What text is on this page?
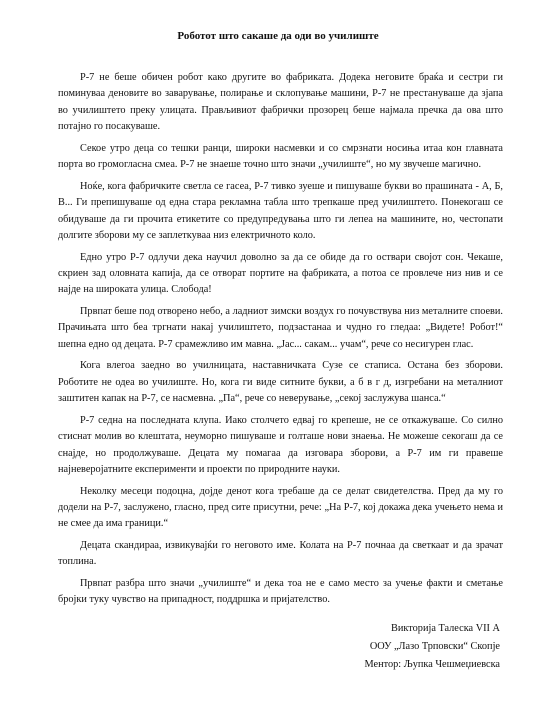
Роботот што сакаше да оди во училиште

Р-7 не беше обичен робот како другите во фабриката. Додека неговите браќа и сестри ги поминуваа деновите во заварување, полирање и склопување машини, Р-7 не престануваше да зјапа во училиштето преку улицата. Прављивиот фабрички прозорец беше најмала пречка да ова што потајно го посакуваше.

Секое утро деца со тешки ранци, широки насмевки и со смрзнати носиња итаа кон главната порта во громогласна смеа. Р-7 не знаеше точно што значи „училиште“, но му звучеше магично.

Ноќе, кога фабричките светла се гасеа, Р-7 тивко зуеше и пишуваше букви во прашината - А, Б, В... Ги препишуваше од една стара рекламна табла што трепкаше пред училиштето. Понекогаш се обидуваше да ги прочита етикетите со предупредувања што ги лепеа на машините, но, честопати долгите зборови му се заплеткуваа низ електричното коло.

Едно утро Р-7 одлучи дека научил доволно за да се обиде да го оствари својот сон. Чекаше, скриен зад оловната капија, да се отворат портите на фабриката, а потоа се провлече низ нив и се најде на широката улица. Слобода!

Првпат беше под отворено небо, а ладниот зимски воздух го почувствува низ металните споеви. Прачињата што беа тргнати накај училиштето, подзастанаа и чудно го гледаа: „Видете! Робот!“ шепна едно од децата. Р-7 срамежливо им мавна. „Јас... сакам... учам“, рече со несигурен глас.

Кога влегоа заедно во училницата, наставничката Сузе се стаписа. Остана без зборови. Роботите не одеа во училиште. Но, кога ги виде ситните букви, а б в г д, изгребани на металниот заштитен капак на Р-7, се насмевна. „Па“, рече со неверување, „секој заслужува шанса.“

Р-7 седна на последната клупа. Иако столчето едвај го крепеше, не се откажуваше. Со силно стиснат молив во клештата, неуморно пишуваше и голташе нови знаења. Не можеше секогаш да се снајде, но продолжуваше. Децата му помагаа да изговара зборови, а Р-7 им ги правеше најневеројатните експерименти и проекти по природните науки.

Неколку месеци подоцна, дојде денот кога требаше да се делат свидетелства. Пред да му го додели на Р-7, заслужено, гласно, пред сите присутни, рече: „На Р-7, кој докажа дека учењето нема и не смее да има граници.“

Децата скандираа, извикувајќи го неговото име. Колата на Р-7 почнаа да светкаат и да зрачат топлина.

Првпат разбра што значи „училиште“ и дека тоа не е само место за учење факти и сметање бројки туку чувство на припадност, поддршка и пријателство.

Викторија Талеска VII А
ООУ „Лазо Трповски“ Скопје
Ментор: Љупка Чешмеџиевска
